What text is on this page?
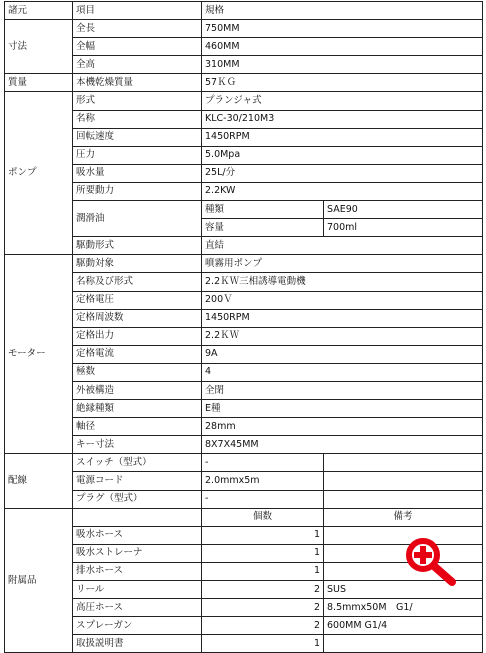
諸元	項目	規格	
寸法	全長	750MM	
	全幅	460MM	
	全高	310MM	
質量	本機乾燥質量	57ＫＧ	
ポンプ	形式	プランジャ式	
	名称	KLC-30/210M3	
	回転速度	1450RPM	
	圧力	5.0Mpa	
	吸水量	25L/分	
	所要動力	2.2KW	
	潤滑油	種類	SAE90
		容量	700ml
	駆動形式	直結	
モーター	駆動対象	噴霧用ポンプ	
	名称及び形式	2.2ＫＷ三相誘導電動機	
	定格電圧	200Ｖ	
	定格周波数	1450RPM	
	定格出力	2.2ＫＷ	
	定格電流	9A	
	極数	4	
	外被構造	全閉	
	絶縁種類	E種	
	軸径	28mm	
	キー寸法	8X7X45MM	
配線	スイッチ（型式）	-	
	電源コード	2.0mmx5m	
	プラグ（型式）	-	
附属品		個数	備考
	吸水ホース	1	
	吸水ストレーナ	1	
	排水ホース	1	
	リール	2	SUS
	高圧ホース	2	8.5mmx50M　G1/
	スプレーガン	2	600MM G1/4
	取扱説明書	1	
